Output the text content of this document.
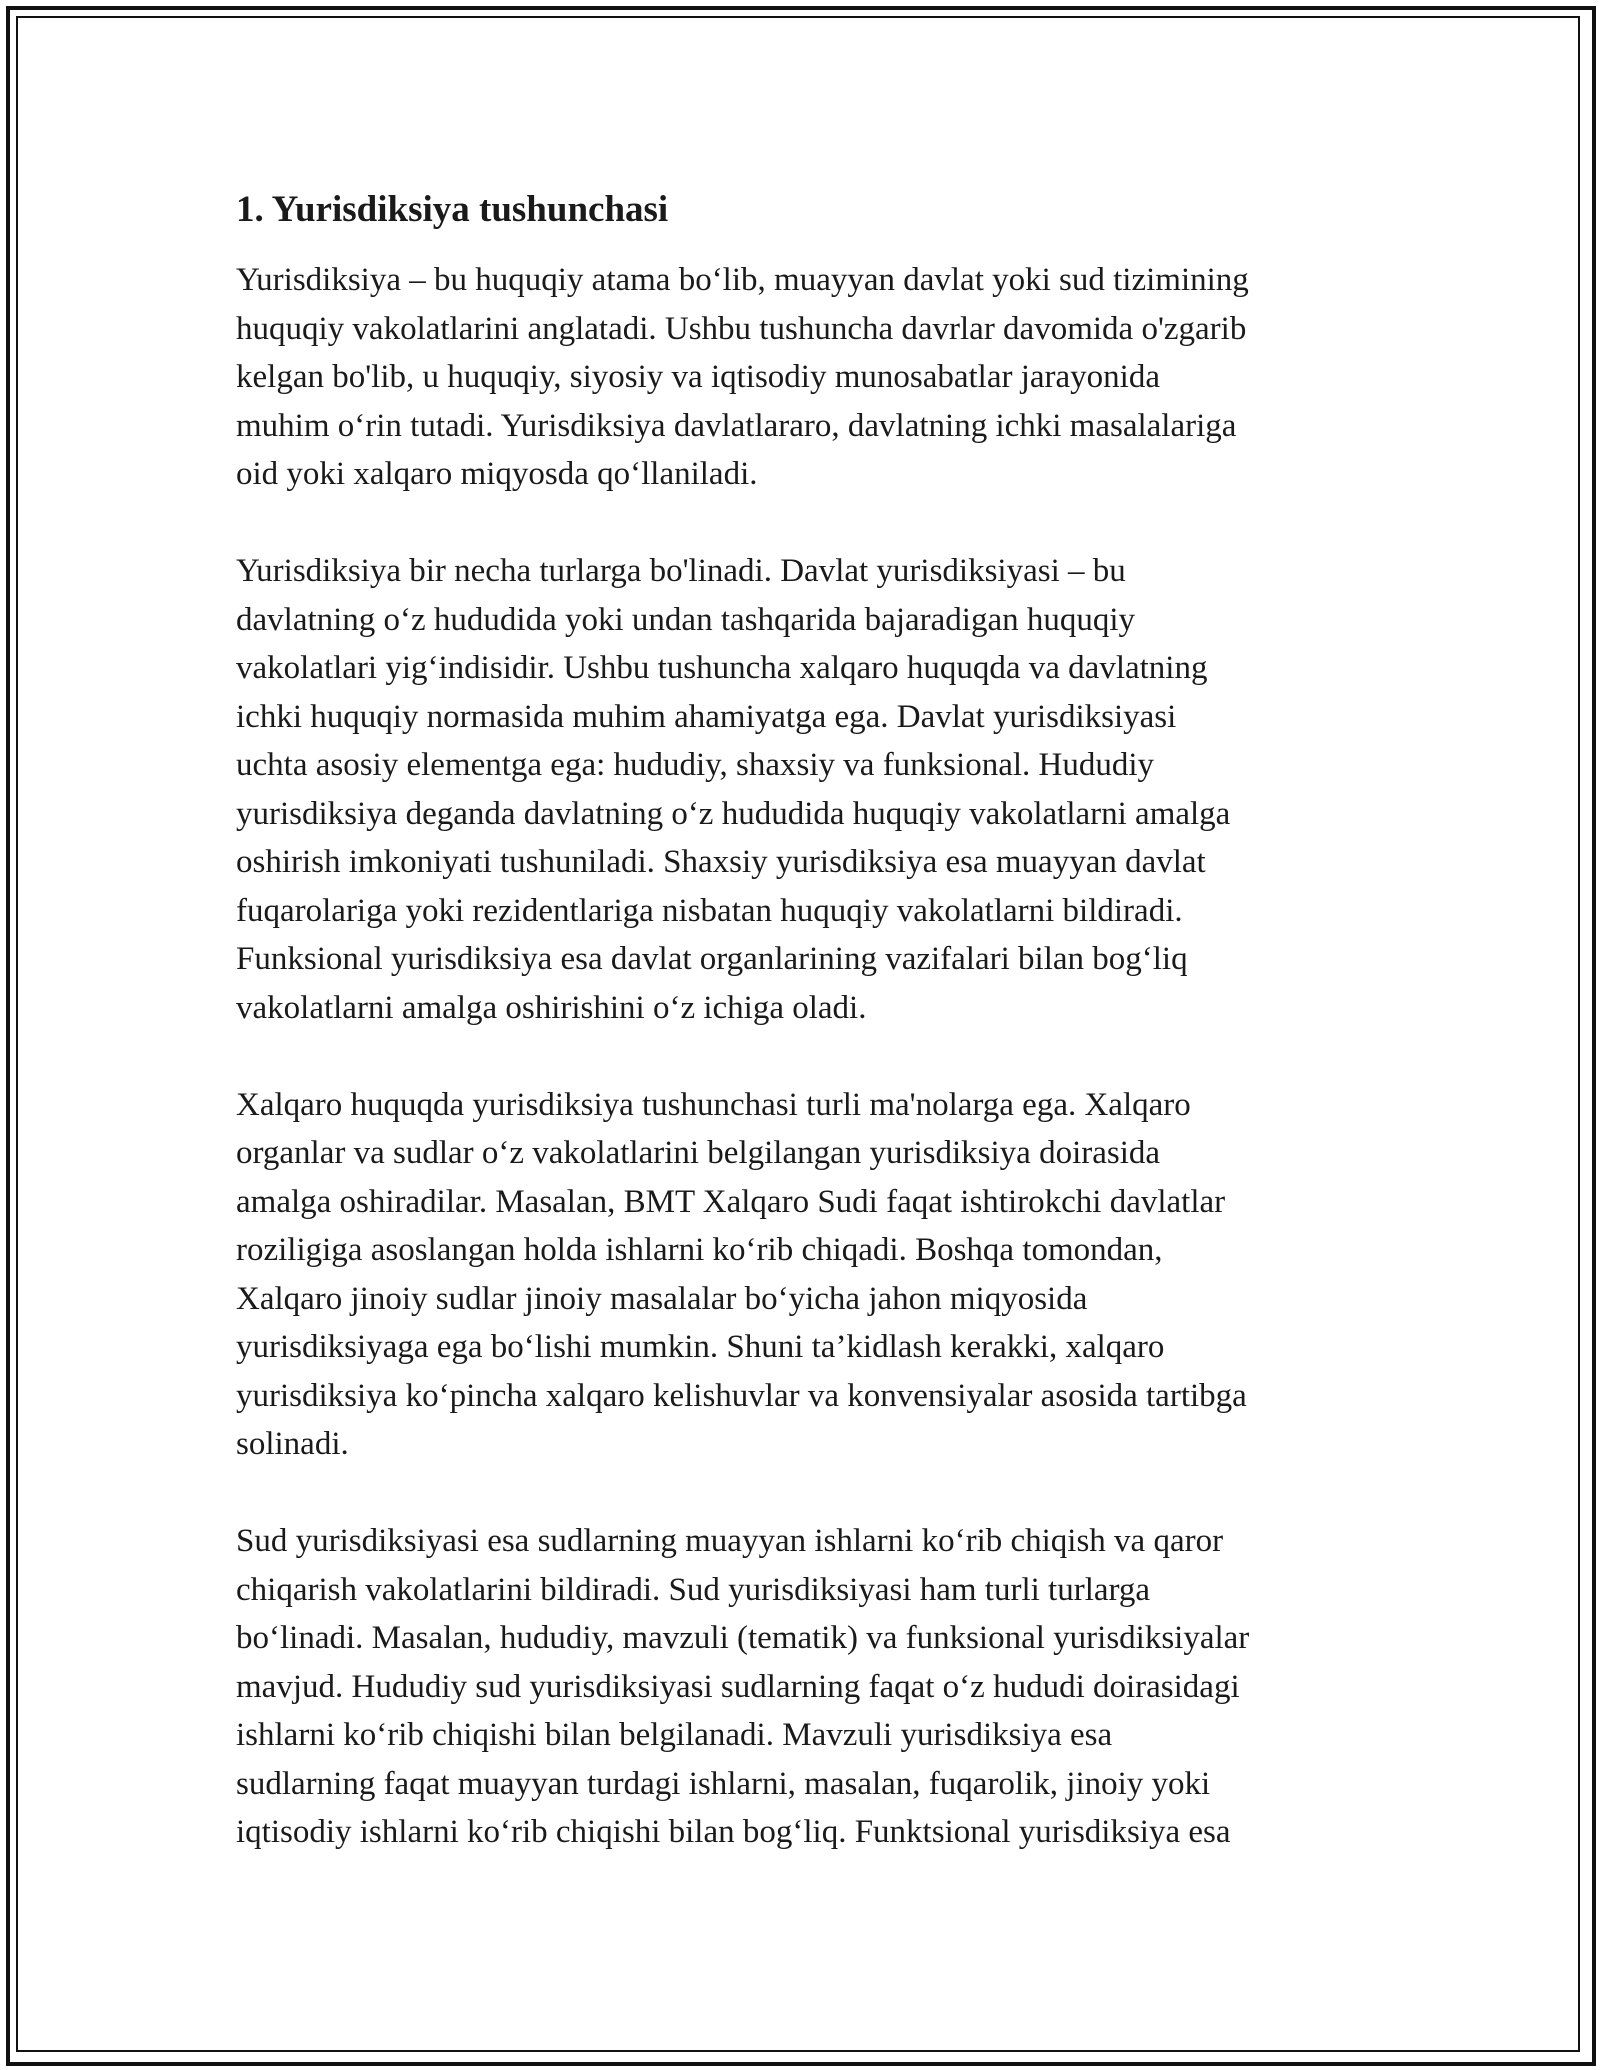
1. Yurisdiksiya tushunchasi

Yurisdiksiya – bu huquqiy atama bo‘lib, muayyan davlat yoki sud tizimining
huquqiy vakolatlarini anglatadi. Ushbu tushuncha davrlar davomida o'zgarib
kelgan bo'lib, u huquqiy, siyosiy va iqtisodiy munosabatlar jarayonida
muhim o‘rin tutadi. Yurisdiksiya davlatlararo, davlatning ichki masalalariga
oid yoki xalqaro miqyosda qo‘llaniladi.

Yurisdiksiya bir necha turlarga bo'linadi. Davlat yurisdiksiyasi – bu
davlatning o‘z hududida yoki undan tashqarida bajaradigan huquqiy
vakolatlari yig‘indisidir. Ushbu tushuncha xalqaro huquqda va davlatning
ichki huquqiy normasida muhim ahamiyatga ega. Davlat yurisdiksiyasi
uchta asosiy elementga ega: hududiy, shaxsiy va funksional. Hududiy
yurisdiksiya deganda davlatning o‘z hududida huquqiy vakolatlarni amalga
oshirish imkoniyati tushuniladi. Shaxsiy yurisdiksiya esa muayyan davlat
fuqarolariga yoki rezidentlariga nisbatan huquqiy vakolatlarni bildiradi.
Funksional yurisdiksiya esa davlat organlarining vazifalari bilan bog‘liq
vakolatlarni amalga oshirishini o‘z ichiga oladi.

Xalqaro huquqda yurisdiksiya tushunchasi turli ma'nolarga ega. Xalqaro
organlar va sudlar o‘z vakolatlarini belgilangan yurisdiksiya doirasida
amalga oshiradilar. Masalan, BMT Xalqaro Sudi faqat ishtirokchi davlatlar
roziligiga asoslangan holda ishlarni ko‘rib chiqadi. Boshqa tomondan,
Xalqaro jinoiy sudlar jinoiy masalalar bo‘yicha jahon miqyosida
yurisdiksiyaga ega bo‘lishi mumkin. Shuni ta’kidlash kerakki, xalqaro
yurisdiksiya ko‘pincha xalqaro kelishuvlar va konvensiyalar asosida tartibga
solinadi.

Sud yurisdiksiyasi esa sudlarning muayyan ishlarni ko‘rib chiqish va qaror
chiqarish vakolatlarini bildiradi. Sud yurisdiksiyasi ham turli turlarga
bo‘linadi. Masalan, hududiy, mavzuli (tematik) va funksional yurisdiksiyalar
mavjud. Hududiy sud yurisdiksiyasi sudlarning faqat o‘z hududi doirasidagi
ishlarni ko‘rib chiqishi bilan belgilanadi. Mavzuli yurisdiksiya esa
sudlarning faqat muayyan turdagi ishlarni, masalan, fuqarolik, jinoiy yoki
iqtisodiy ishlarni ko‘rib chiqishi bilan bog‘liq. Funktsional yurisdiksiya esa
